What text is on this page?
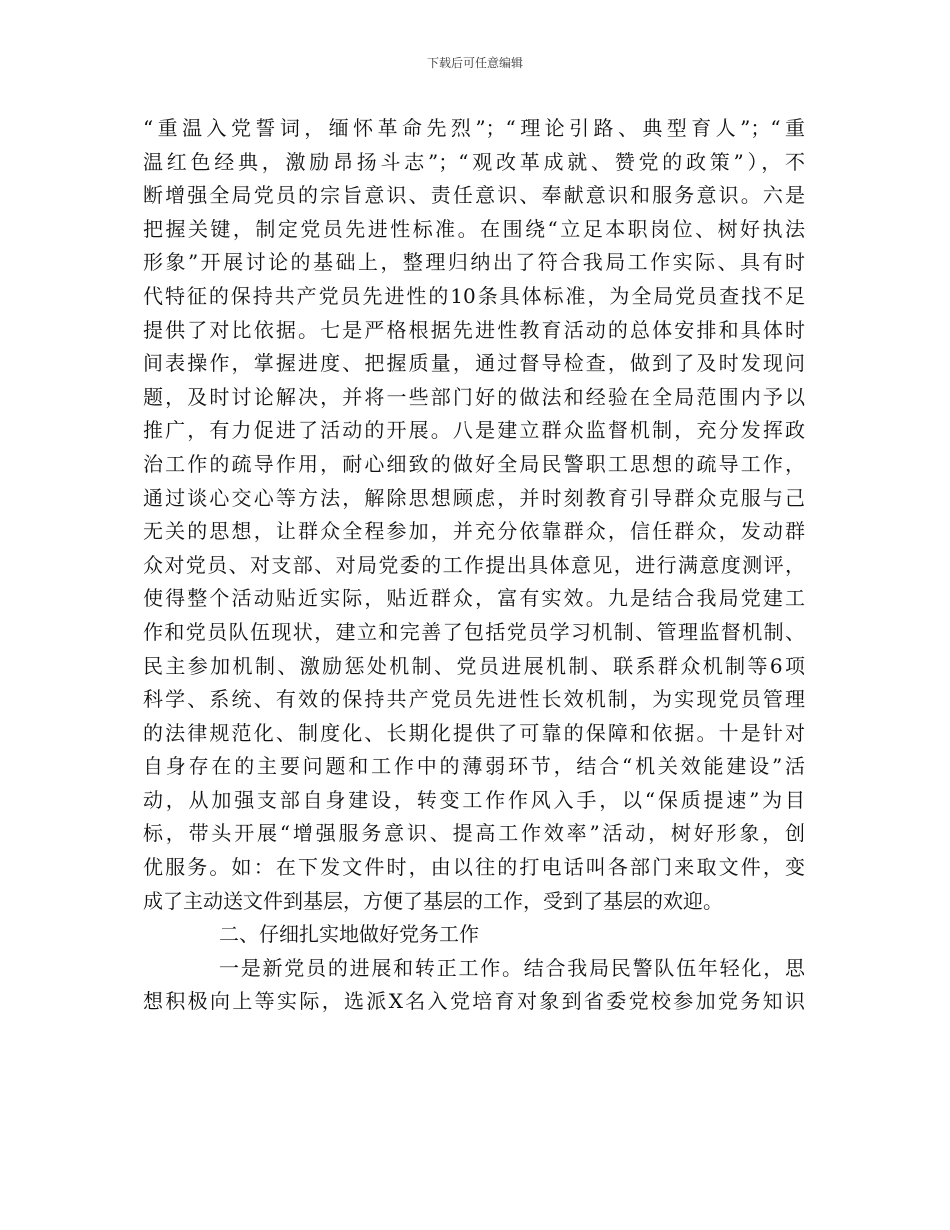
下载后可任意编辑
“重温入党誓词，缅怀革命先烈”；“理论引路、典型育人”；“重
温红色经典，激励昂扬斗志”；“观改革成就、赞党的政策”），不
断增强全局党员的宗旨意识、责任意识、奉献意识和服务意识。六是
把握关键，制定党员先进性标准。在围绕“立足本职岗位、树好执法
形象”开展讨论的基础上，整理归纳出了符合我局工作实际、具有时
代特征的保持共产党员先进性的10条具体标准，为全局党员查找不足
提供了对比依据。七是严格根据先进性教育活动的总体安排和具体时
间表操作，掌握进度、把握质量，通过督导检查，做到了及时发现问
题，及时讨论解决，并将一些部门好的做法和经验在全局范围内予以
推广，有力促进了活动的开展。八是建立群众监督机制，充分发挥政
治工作的疏导作用，耐心细致的做好全局民警职工思想的疏导工作，
通过谈心交心等方法，解除思想顾虑，并时刻教育引导群众克服与己
无关的思想，让群众全程参加，并充分依靠群众，信任群众，发动群
众对党员、对支部、对局党委的工作提出具体意见，进行满意度测评，
使得整个活动贴近实际，贴近群众，富有实效。九是结合我局党建工
作和党员队伍现状，建立和完善了包括党员学习机制、管理监督机制、
民主参加机制、激励惩处机制、党员进展机制、联系群众机制等6项
科学、系统、有效的保持共产党员先进性长效机制，为实现党员管理
的法律规范化、制度化、长期化提供了可靠的保障和依据。十是针对
自身存在的主要问题和工作中的薄弱环节，结合“机关效能建设”活
动，从加强支部自身建设，转变工作作风入手，以“保质提速”为目
标，带头开展“增强服务意识、提高工作效率”活动，树好形象，创
优服务。如：在下发文件时，由以往的打电话叫各部门来取文件，变
成了主动送文件到基层，方便了基层的工作，受到了基层的欢迎。
二、仔细扎实地做好党务工作
一是新党员的进展和转正工作。结合我局民警队伍年轻化，思
想积极向上等实际，选派X名入党培育对象到省委党校参加党务知识
